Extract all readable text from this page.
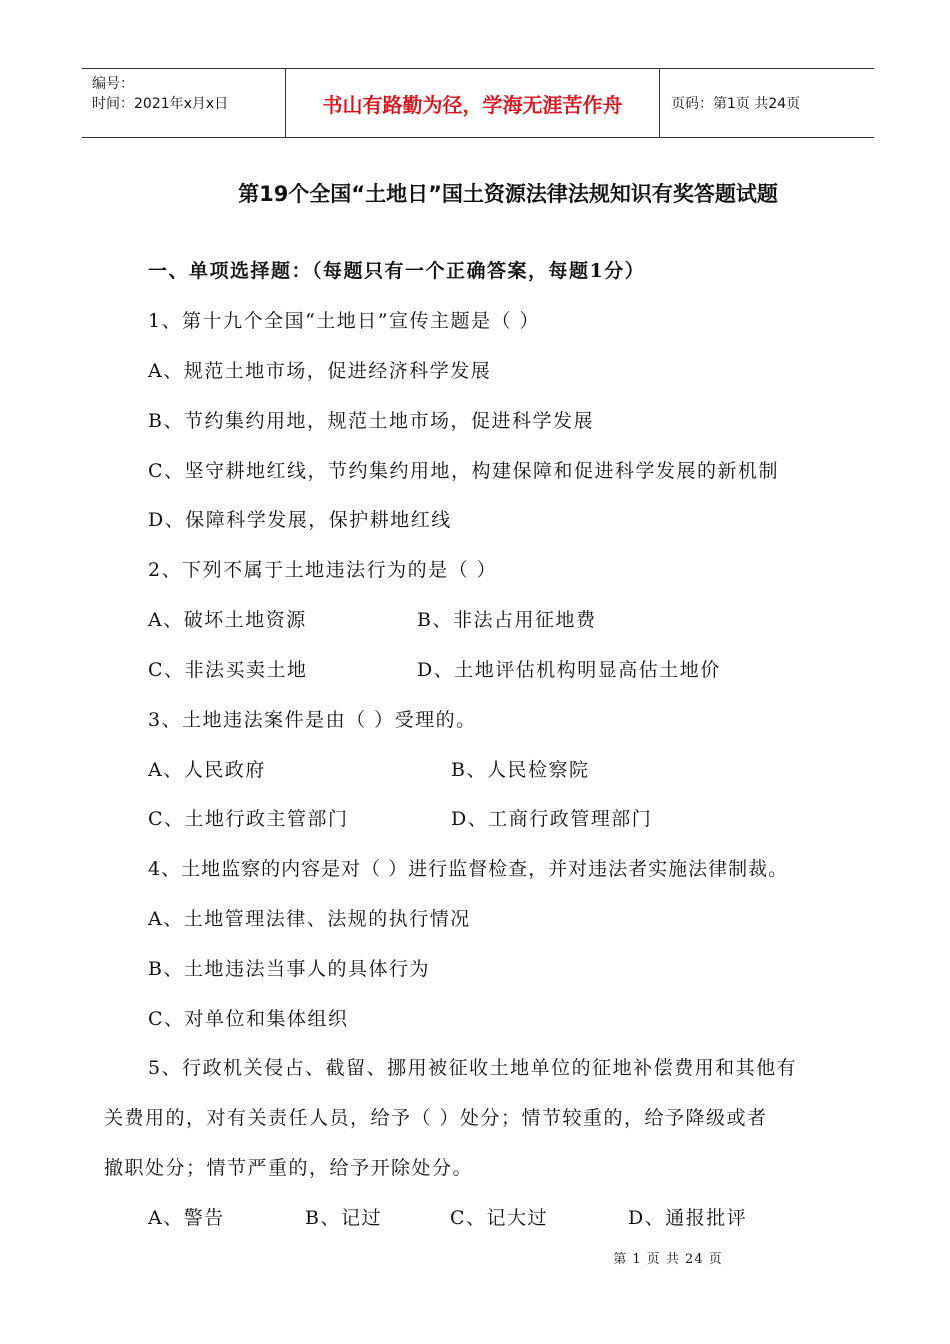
编号：
时间：2021年x月x日	书山有路勤为径，学海无涯苦作舟	页码：第1页 共24页
第19个全国“土地日”国土资源法律法规知识有奖答题试题
一、单项选择题：（每题只有一个正确答案，每题1分）
1、第十九个全国“土地日”宣传主题是（ ）
A、规范土地市场，促进经济科学发展
B、节约集约用地，规范土地市场，促进科学发展
C、坚守耕地红线，节约集约用地，构建保障和促进科学发展的新机制
D、保障科学发展，保护耕地红线
2、下列不属于土地违法行为的是（ ）
A、破坏土地资源	B、非法占用征地费
C、非法买卖土地	D、土地评估机构明显高估土地价
3、土地违法案件是由（ ）受理的。
A、人民政府	B、人民检察院
C、土地行政主管部门	D、工商行政管理部门
4、土地监察的内容是对（ ）进行监督检查，并对违法者实施法律制裁。
A、土地管理法律、法规的执行情况
B、土地违法当事人的具体行为
C、对单位和集体组织
5、行政机关侵占、截留、挪用被征收土地单位的征地补偿费用和其他有
关费用的，对有关责任人员，给予（ ）处分；情节较重的，给予降级或者
撤职处分；情节严重的，给予开除处分。
A、警告	B、记过	C、记大过	D、通报批评
第 1 页 共 24 页
